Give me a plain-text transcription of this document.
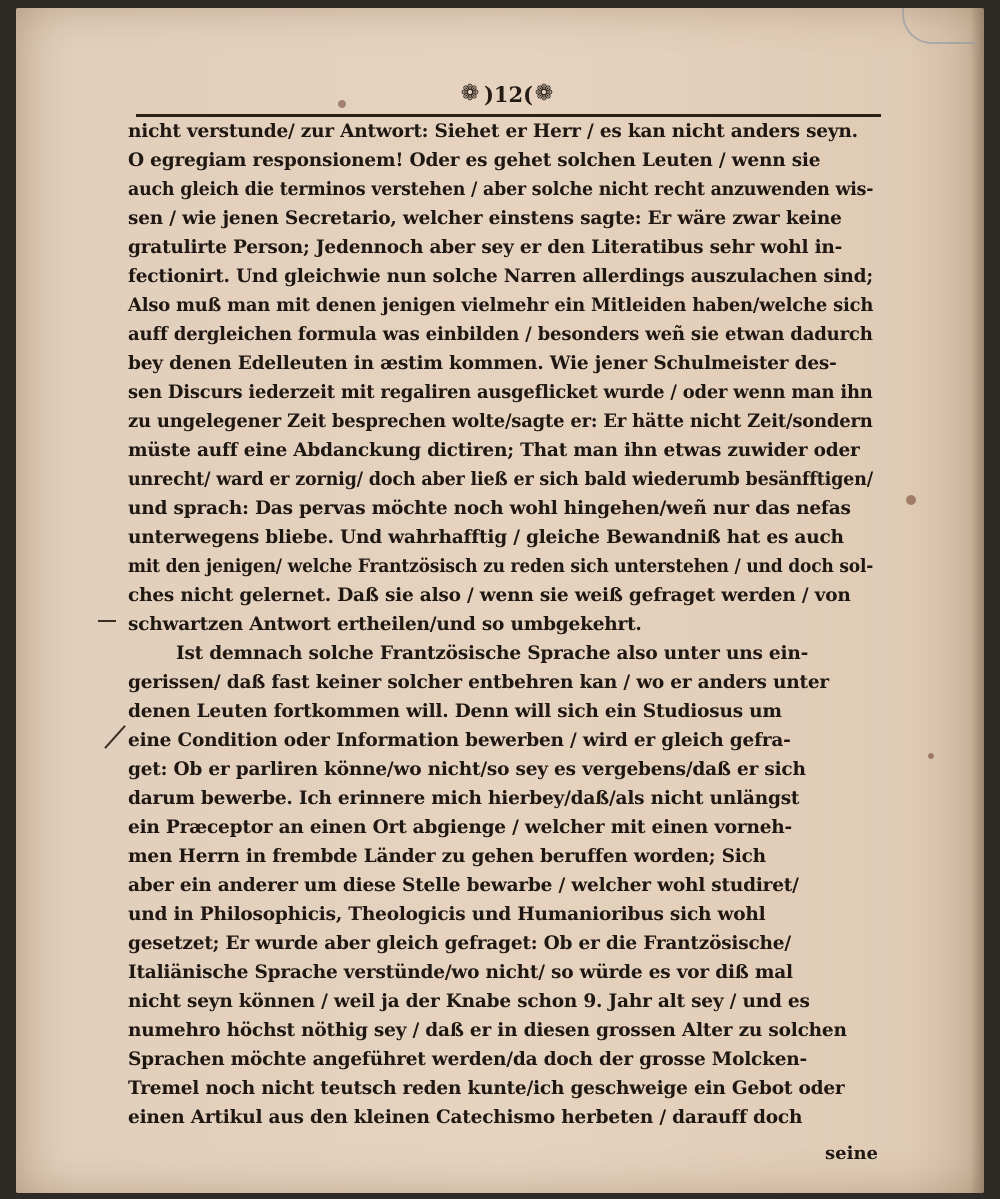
❁ )12( ❁
nicht verstunde/ zur Antwort: Siehet er Herr / es kan nicht anders seyn.
O egregiam responsionem! Oder es gehet solchen Leuten / wenn sie
auch gleich die terminos verstehen / aber solche nicht recht anzuwenden wis-
sen / wie jenen Secretario, welcher einstens sagte: Er wäre zwar keine
gratulirte Person; Jedennoch aber sey er den Literatibus sehr wohl in-
fectionirt. Und gleichwie nun solche Narren allerdings auszulachen sind;
Also muß man mit denen jenigen vielmehr ein Mitleiden haben/welche sich
auff dergleichen formula was einbilden / besonders weñ sie etwan dadurch
bey denen Edelleuten in æstim kommen. Wie jener Schulmeister des-
sen Discurs iederzeit mit regaliren ausgeflicket wurde / oder wenn man ihn
zu ungelegener Zeit besprechen wolte/sagte er: Er hätte nicht Zeit/sondern
müste auff eine Abdanckung dictiren; That man ihn etwas zuwider oder
unrecht/ ward er zornig/ doch aber ließ er sich bald wiederumb besänfftigen/
und sprach: Das pervas möchte noch wohl hingehen/weñ nur das nefas
unterwegens bliebe. Und wahrhafftig / gleiche Bewandniß hat es auch
mit den jenigen/ welche Frantzösisch zu reden sich unterstehen / und doch sol-
ches nicht gelernet. Daß sie also / wenn sie weiß gefraget werden / von
schwartzen Antwort ertheilen/und so umbgekehrt.
Ist demnach solche Frantzösische Sprache also unter uns ein-
gerissen/ daß fast keiner solcher entbehren kan / wo er anders unter
denen Leuten fortkommen will. Denn will sich ein Studiosus um
eine Condition oder Information bewerben / wird er gleich gefra-
get: Ob er parliren könne/wo nicht/so sey es vergebens/daß er sich
darum bewerbe. Ich erinnere mich hierbey/daß/als nicht unlängst
ein Præceptor an einen Ort abgienge / welcher mit einen vorneh-
men Herrn in frembde Länder zu gehen beruffen worden; Sich
aber ein anderer um diese Stelle bewarbe / welcher wohl studiret/
und in Philosophicis, Theologicis und Humanioribus sich wohl
gesetzet; Er wurde aber gleich gefraget: Ob er die Frantzösische/
Italiänische Sprache verstünde/wo nicht/ so würde es vor diß mal
nicht seyn können / weil ja der Knabe schon 9. Jahr alt sey / und es
numehro höchst nöthig sey / daß er in diesen grossen Alter zu solchen
Sprachen möchte angeführet werden/da doch der grosse Molcken-
Tremel noch nicht teutsch reden kunte/ich geschweige ein Gebot oder
einen Artikul aus den kleinen Catechismo herbeten / darauff doch
seine
